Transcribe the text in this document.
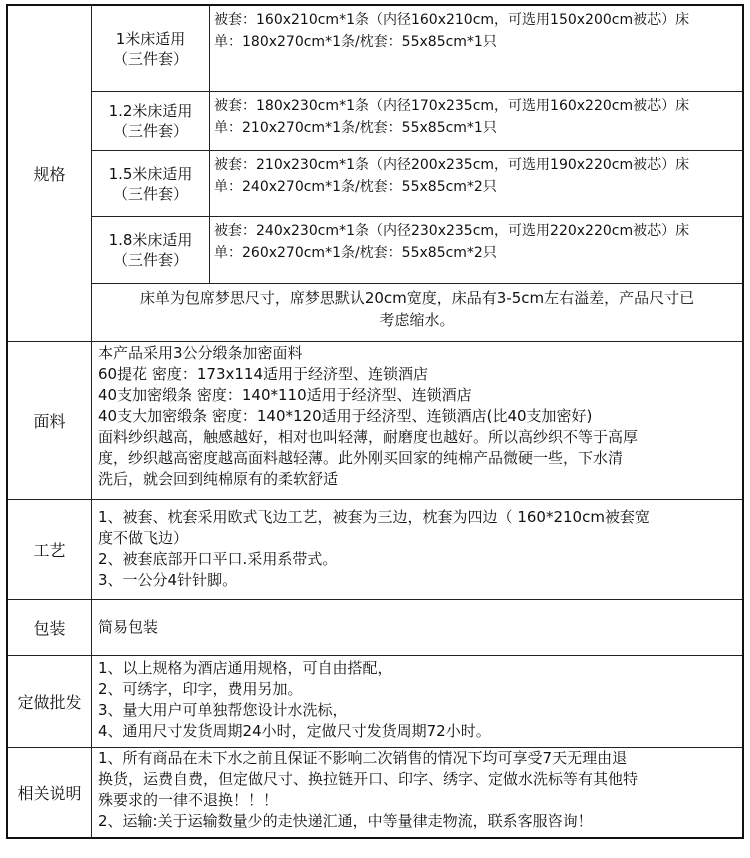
规格
1米床适用
（三件套）
被套：160x210cm*1条（内径160x210cm，可选用150x200cm被芯）床
单：180x270cm*1条/枕套：55x85cm*1只
1.2米床适用
（三件套）
被套：180x230cm*1条（内径170x235cm，可选用160x220cm被芯）床
单：210x270cm*1条/枕套：55x85cm*1只
1.5米床适用
（三件套）
被套：210x230cm*1条（内径200x235cm，可选用190x220cm被芯）床
单：240x270cm*1条/枕套：55x85cm*2只
1.8米床适用
（三件套）
被套：240x230cm*1条（内径230x235cm，可选用220x220cm被芯）床
单：260x270cm*1条/枕套：55x85cm*2只
床单为包席梦思尺寸，席梦思默认20cm宽度，床品有3-5cm左右溢差，产品尺寸已
考虑缩水。
面料
本产品采用3公分缎条加密面料
60提花 密度：173x114适用于经济型、连锁酒店
40支加密缎条 密度：140*110适用于经济型、连锁酒店
40支大加密缎条 密度：140*120适用于经济型、连锁酒店(比40支加密好)
面料纱织越高，触感越好，相对也叫轻薄，耐磨度也越好。所以高纱织不等于高厚
度，纱织越高密度越高面料越轻薄。此外刚买回家的纯棉产品微硬一些，下水清
洗后，就会回到纯棉原有的柔软舒适
工艺
1、被套、枕套采用欧式飞边工艺，被套为三边，枕套为四边（ 160*210cm被套宽
度不做飞边）
2、被套底部开口平口.采用系带式。
3、一公分4针针脚。
包装	简易包装
定做批发
1、以上规格为酒店通用规格，可自由搭配，
2、可绣字，印字，费用另加。
3、量大用户可单独帮您设计水洗标，
4、通用尺寸发货周期24小时，定做尺寸发货周期72小时。
相关说明
1、所有商品在未下水之前且保证不影响二次销售的情况下均可享受7天无理由退
换货，运费自费，但定做尺寸、换拉链开口、印字、绣字、定做水洗标等有其他特
殊要求的一律不退换！！！
2、运输:关于运输数量少的走快递汇通，中等量律走物流，联系客服咨询！
